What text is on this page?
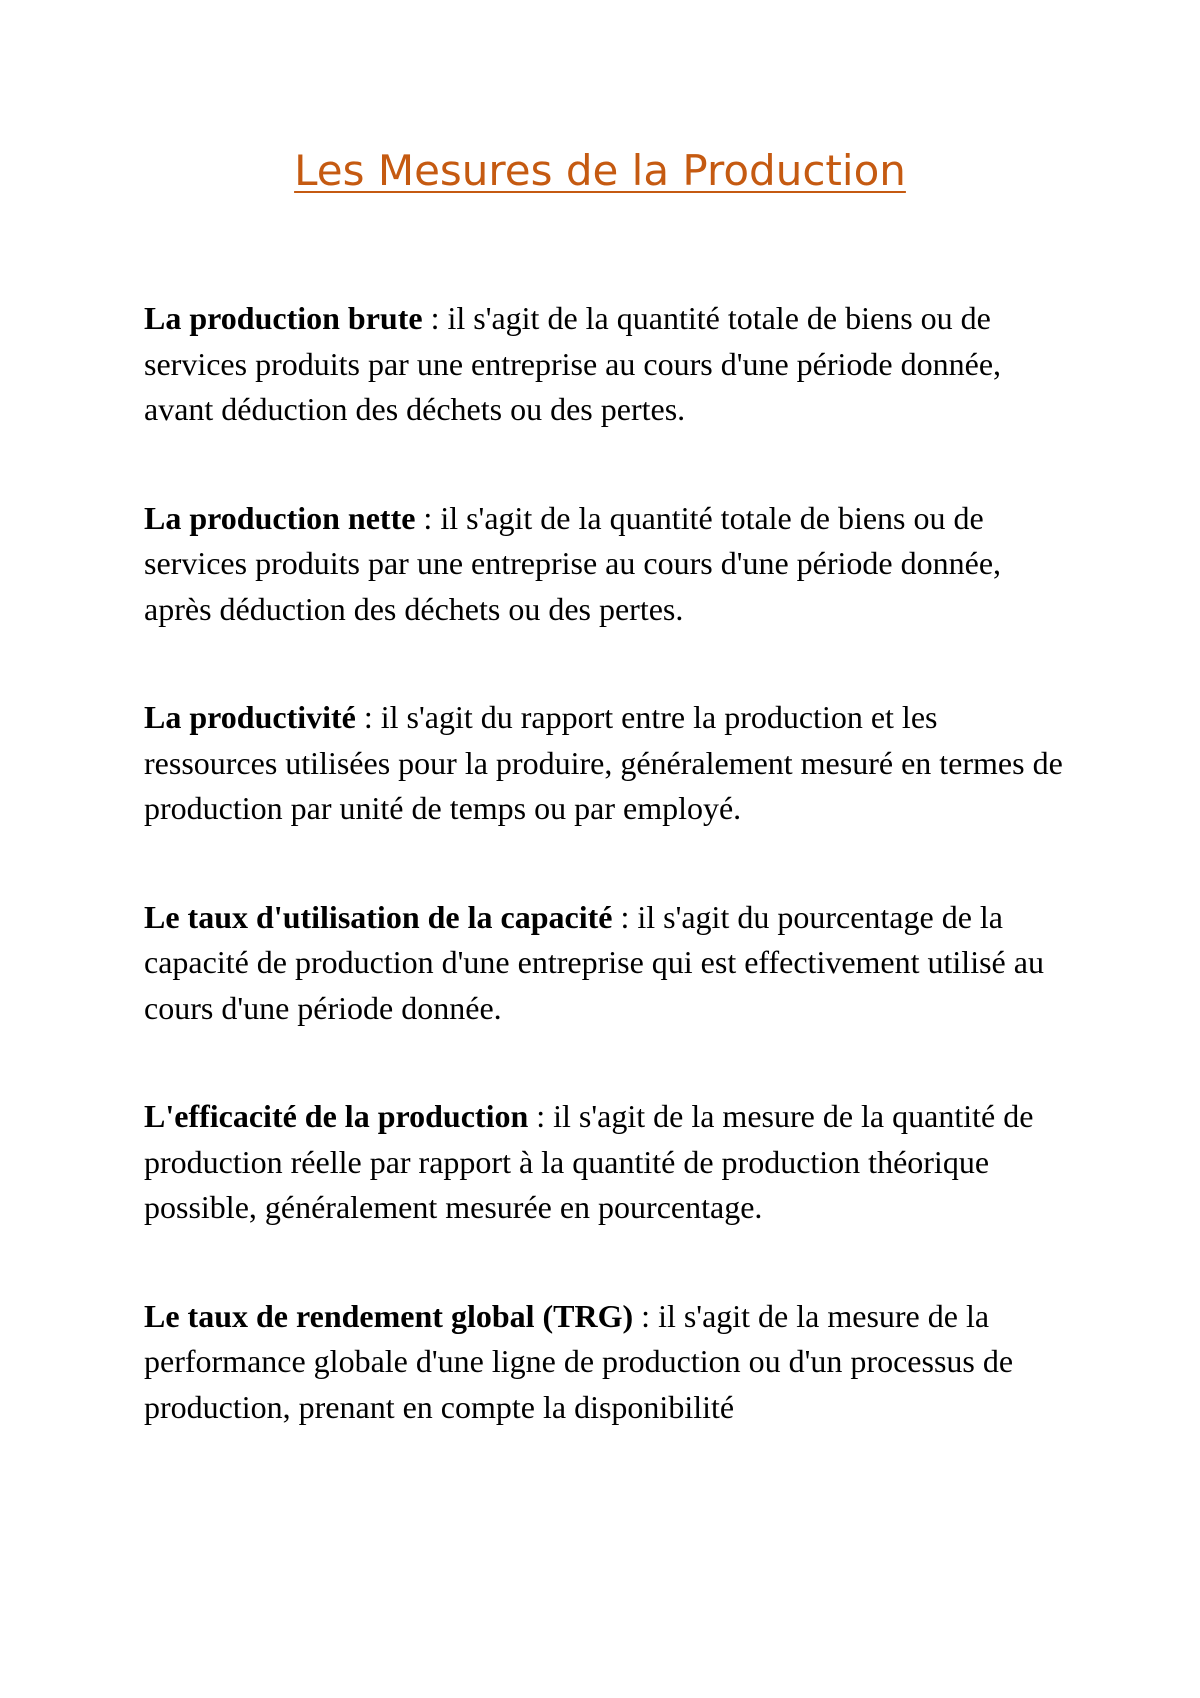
Les Mesures de la Production

La production brute : il s'agit de la quantité totale de biens ou de services produits par une entreprise au cours d'une période donnée, avant déduction des déchets ou des pertes.

La production nette : il s'agit de la quantité totale de biens ou de services produits par une entreprise au cours d'une période donnée, après déduction des déchets ou des pertes.

La productivité : il s'agit du rapport entre la production et les ressources utilisées pour la produire, généralement mesuré en termes de production par unité de temps ou par employé.

Le taux d'utilisation de la capacité : il s'agit du pourcentage de la capacité de production d'une entreprise qui est effectivement utilisé au cours d'une période donnée.

L'efficacité de la production : il s'agit de la mesure de la quantité de production réelle par rapport à la quantité de production théorique possible, généralement mesurée en pourcentage.

Le taux de rendement global (TRG) : il s'agit de la mesure de la performance globale d'une ligne de production ou d'un processus de production, prenant en compte la disponibilité
